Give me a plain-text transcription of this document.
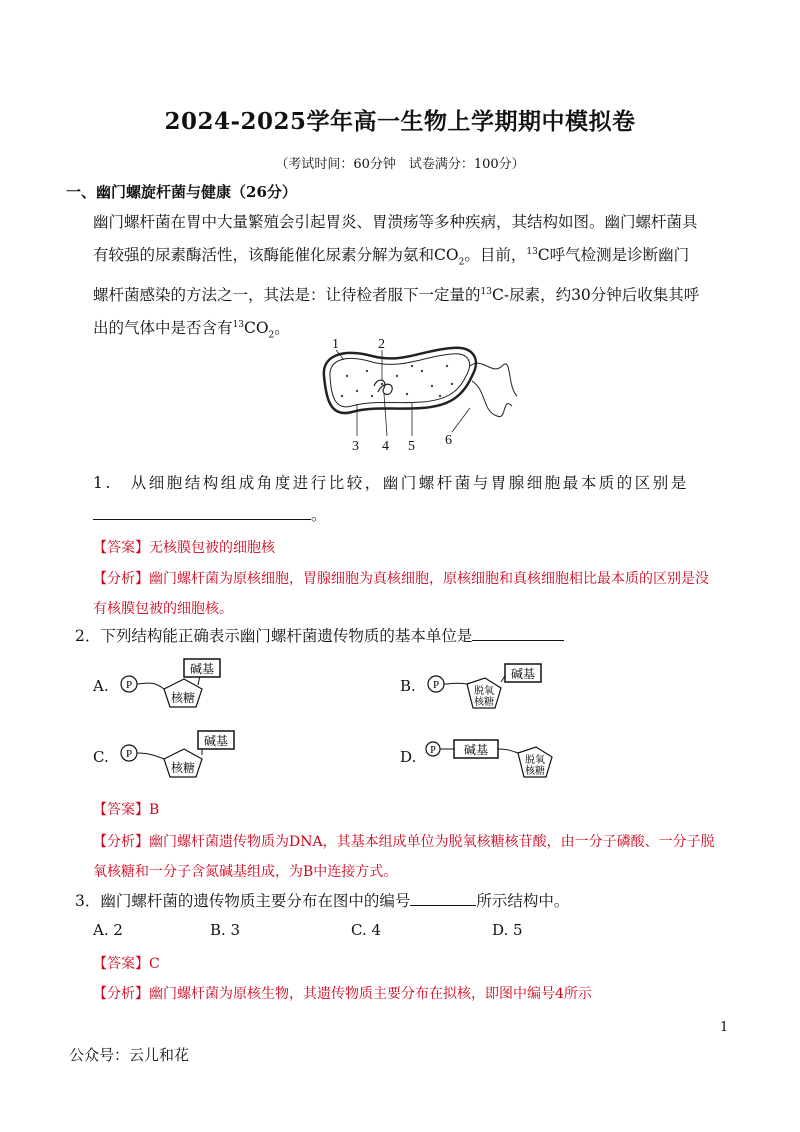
2024-2025学年高一生物上学期期中模拟卷
（考试时间：60分钟　试卷满分：100分）
一、幽门螺旋杆菌与健康（26分）

幽门螺杆菌在胃中大量繁殖会引起胃炎、胃溃疡等多种疾病，其结构如图。幽门螺杆菌具

有较强的尿素酶活性，该酶能催化尿素分解为氨和$CO_2$。目前，$^{13}$C呼气检测是诊断幽门

螺杆菌感染的方法之一，其法是：让待检者服下一定量的$^{13}$C-尿素，约30分钟后收集其呼

出的气体中是否含有$^{13}CO_2$。

1	2
3 4 5 6
1.　从细胞结构组成角度进行比较，幽门螺杆菌与胃腺细胞最本质的区别是
。
【答案】无核膜包被的细胞核
【分析】幽门螺杆菌为原核细胞，胃腺细胞为真核细胞，原核细胞和真核细胞相比最本质的区别是没
有核膜包被的细胞核。
2．下列结构能正确表示幽门螺杆菌遗传物质的基本单位是
A. P
核糖
碱基
B. P
脱氧
核糖
碱基
C. P
核糖
碱基
D. P 碱基
脱氧
核糖
【答案】B
【分析】幽门螺杆菌遗传物质为DNA，其基本组成单位为脱氧核糖核苷酸，由一分子磷酸、一分子脱
氧核糖和一分子含氮碱基组成，为B中连接方式。
3．幽门螺杆菌的遗传物质主要分布在图中的编号	所示结构中。
A. 2	B. 3	C. 4	D. 5
【答案】C
【分析】幽门螺杆菌为原核生物，其遗传物质主要分布在拟核，即图中编号4所示
1
公众号：云儿和花
